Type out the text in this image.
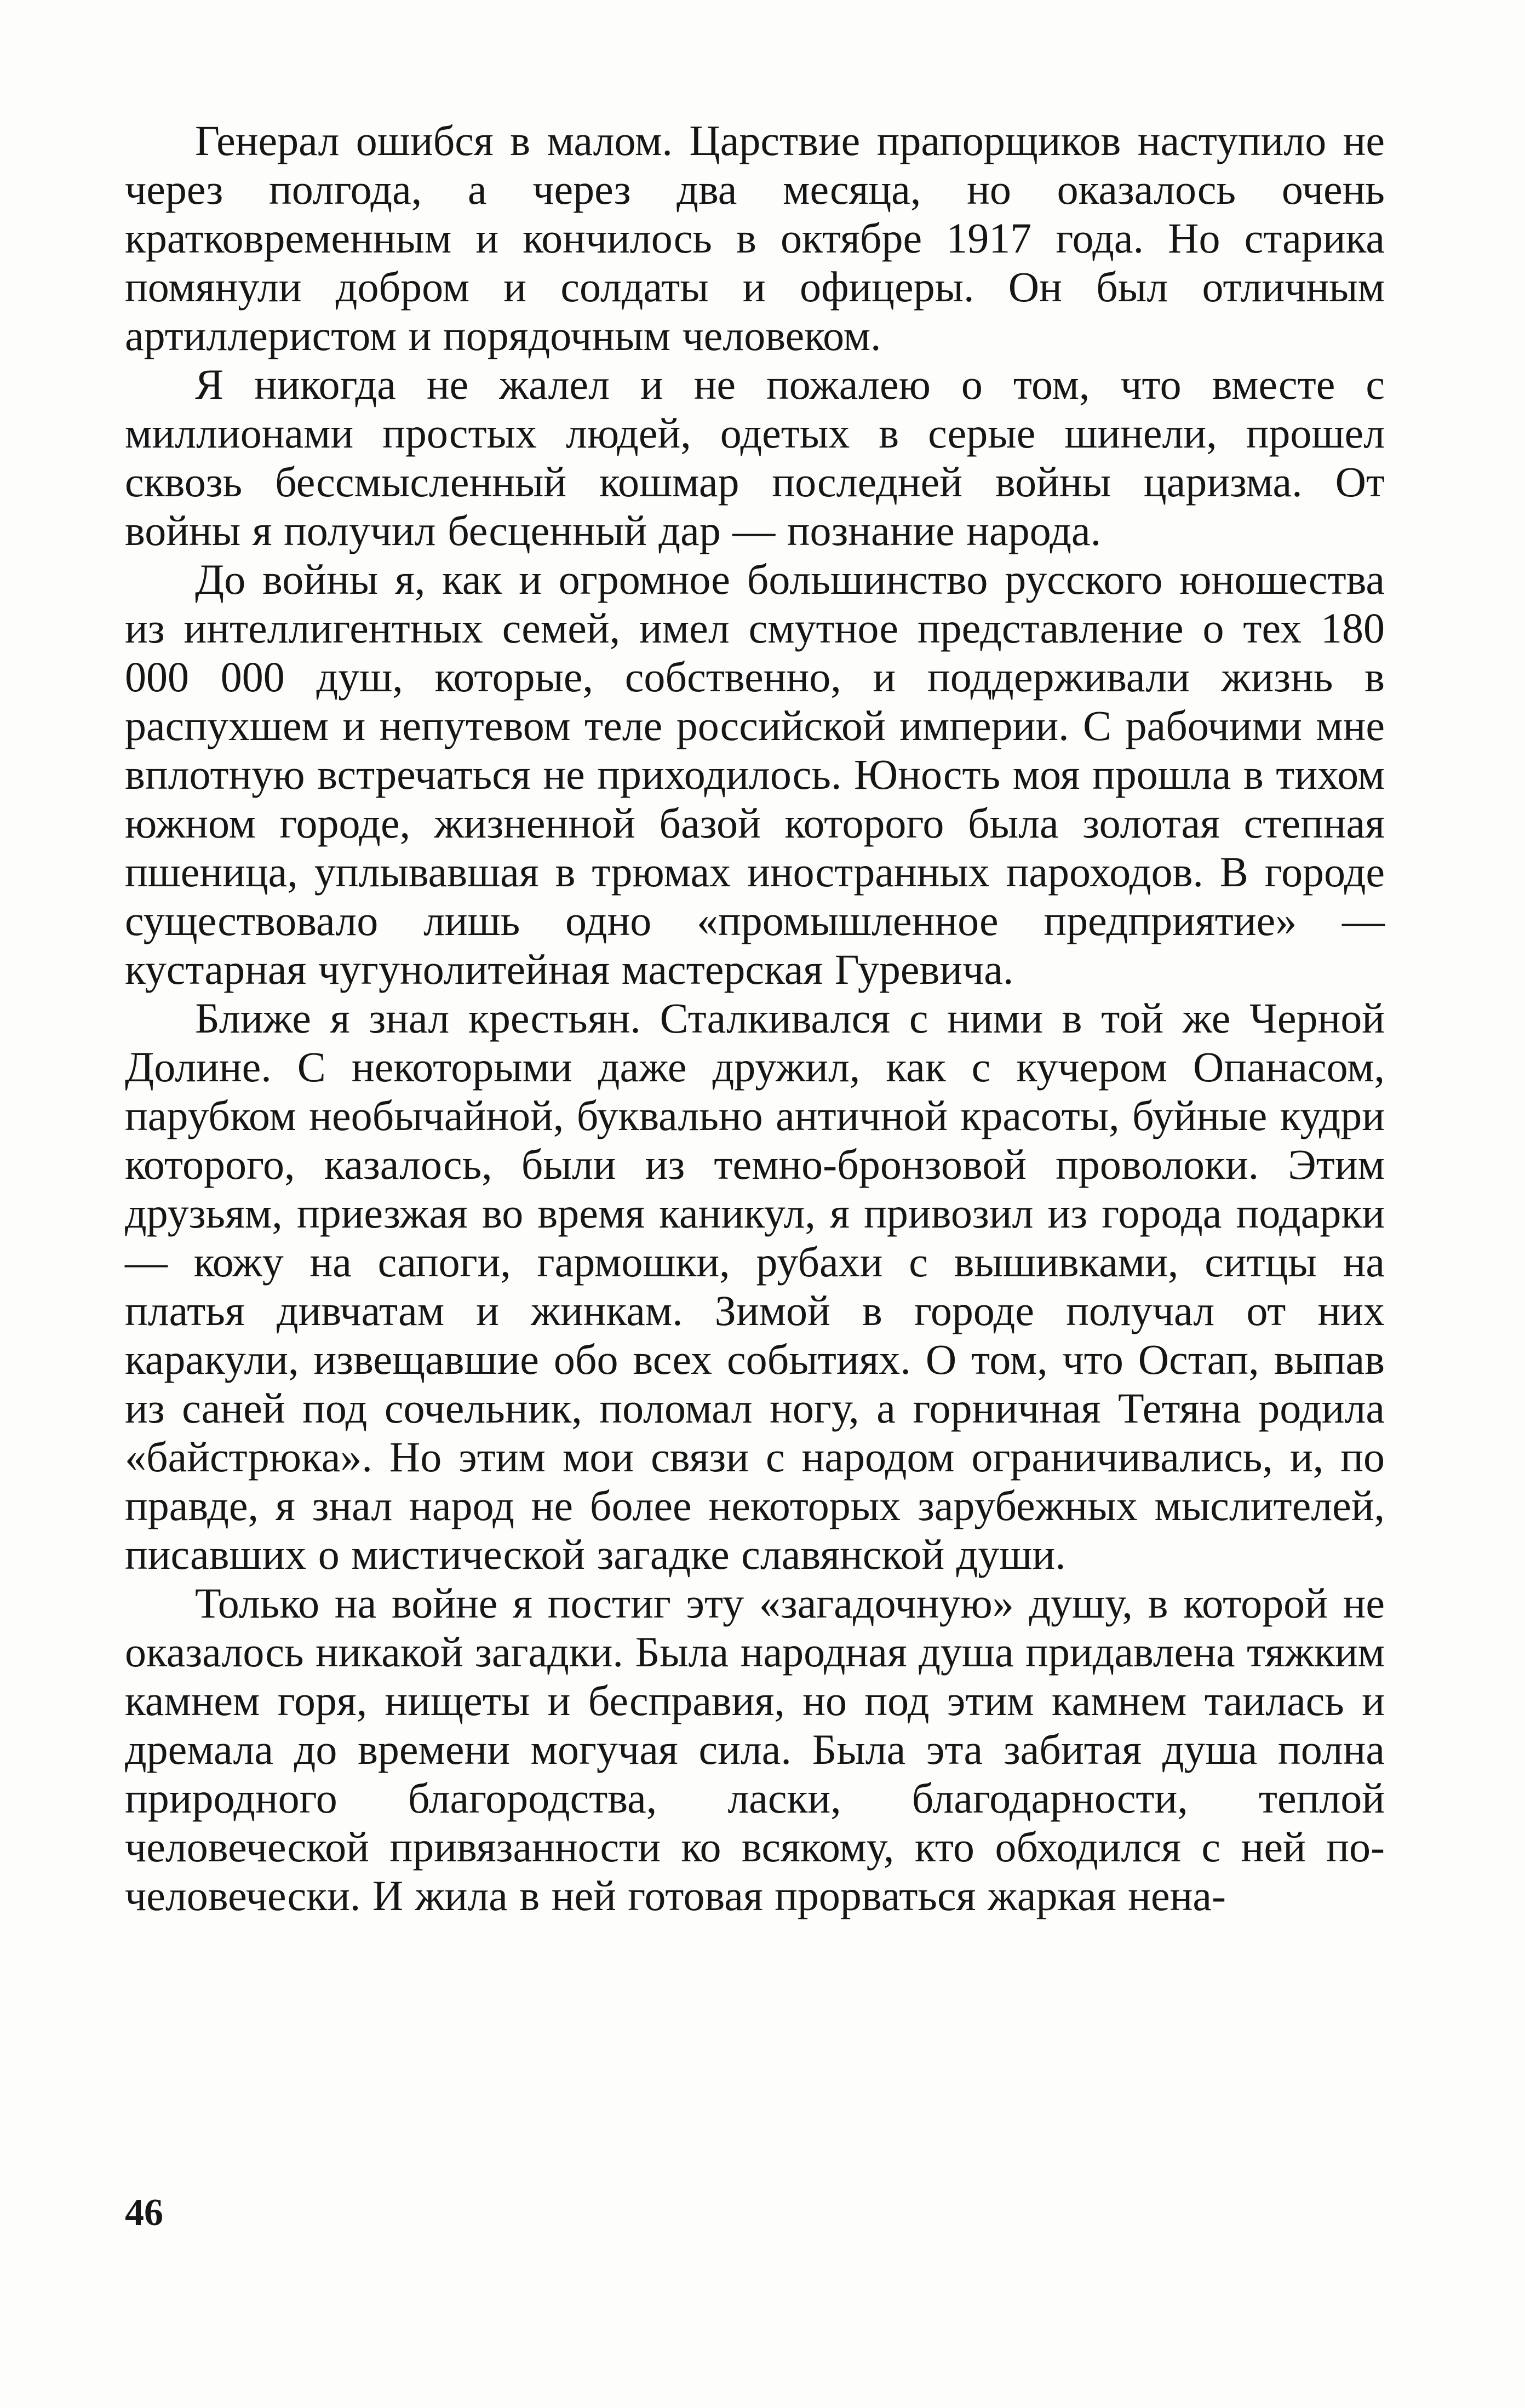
Генерал ошибся в малом. Царствие прапорщиков наступило не через полгода, а через два месяца, но оказалось очень кратковременным и кончилось в октябре 1917 года. Но старика помянули добром и солдаты и офицеры. Он был отличным артиллеристом и порядочным человеком.

Я никогда не жалел и не пожалею о том, что вместе с миллионами простых людей, одетых в серые шинели, прошел сквозь бессмысленный кошмар последней войны царизма. От войны я получил бесценный дар — познание народа.

До войны я, как и огромное большинство русского юношества из интеллигентных семей, имел смутное представление о тех 180 000 000 душ, которые, собственно, и поддерживали жизнь в распухшем и непутевом теле российской империи. С рабочими мне вплотную встречаться не приходилось. Юность моя прошла в тихом южном городе, жизненной базой которого была золотая степная пшеница, уплывавшая в трюмах иностранных пароходов. В городе существовало лишь одно «промышленное предприятие» — кустарная чугунолитейная мастерская Гуревича.

Ближе я знал крестьян. Сталкивался с ними в той же Черной Долине. С некоторыми даже дружил, как с кучером Опанасом, парубком необычайной, буквально античной красоты, буйные кудри которого, казалось, были из темно-бронзовой проволоки. Этим друзьям, приезжая во время каникул, я привозил из города подарки — кожу на сапоги, гармошки, рубахи с вышивками, ситцы на платья дивчатам и жинкам. Зимой в городе получал от них каракули, извещавшие обо всех событиях. О том, что Остап, выпав из саней под сочельник, поломал ногу, а горничная Тетяна родила «байстрюка». Но этим мои связи с народом ограничивались, и, по правде, я знал народ не более некоторых зарубежных мыслителей, писавших о мистической загадке славянской души.

Только на войне я постиг эту «загадочную» душу, в которой не оказалось никакой загадки. Была народная душа придавлена тяжким камнем горя, нищеты и бесправия, но под этим камнем таилась и дремала до времени могучая сила. Была эта забитая душа полна природного благородства, ласки, благодарности, теплой человеческой привязанности ко всякому, кто обходился с ней по-человечески. И жила в ней готовая прорваться жаркая нена-

46
